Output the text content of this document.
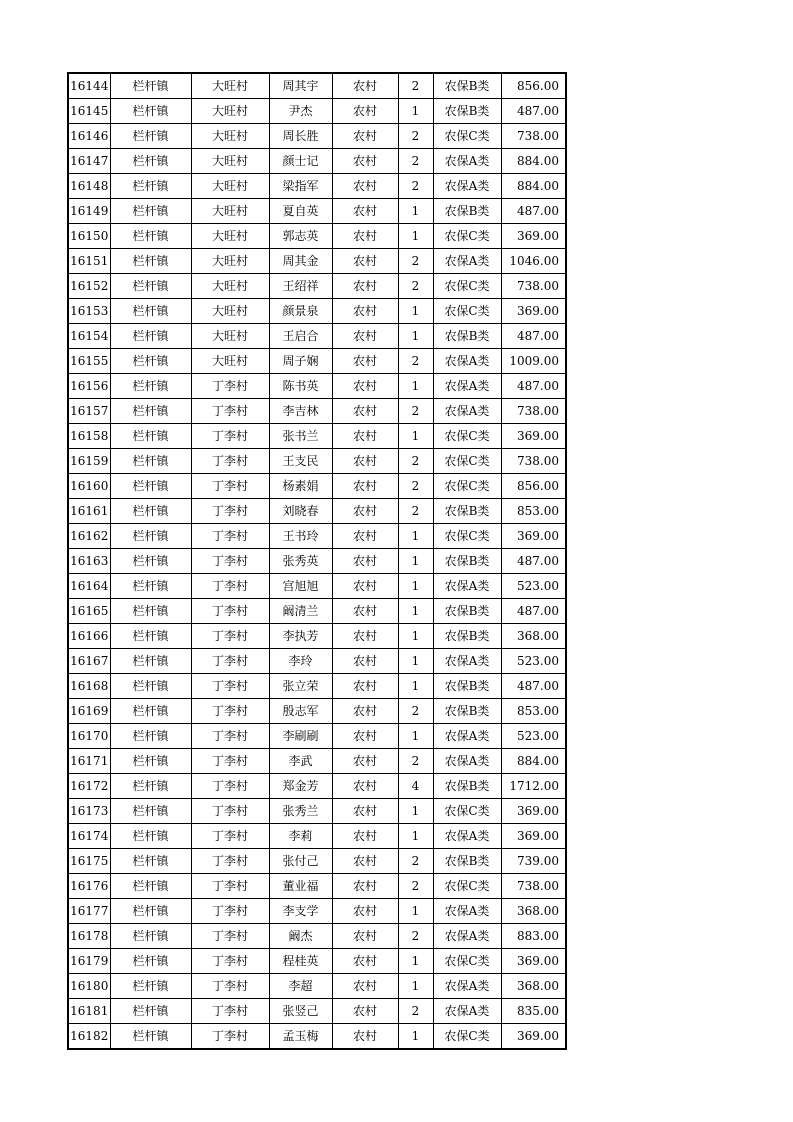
16144	栏杆镇	大旺村	周其宇	农村	2	农保B类	856.00
16145	栏杆镇	大旺村	尹杰	农村	1	农保B类	487.00
16146	栏杆镇	大旺村	周长胜	农村	2	农保C类	738.00
16147	栏杆镇	大旺村	颜士记	农村	2	农保A类	884.00
16148	栏杆镇	大旺村	梁指军	农村	2	农保A类	884.00
16149	栏杆镇	大旺村	夏自英	农村	1	农保B类	487.00
16150	栏杆镇	大旺村	郭志英	农村	1	农保C类	369.00
16151	栏杆镇	大旺村	周其金	农村	2	农保A类	1046.00
16152	栏杆镇	大旺村	王绍祥	农村	2	农保C类	738.00
16153	栏杆镇	大旺村	颜景泉	农村	1	农保C类	369.00
16154	栏杆镇	大旺村	王启合	农村	1	农保B类	487.00
16155	栏杆镇	大旺村	周子娴	农村	2	农保A类	1009.00
16156	栏杆镇	丁李村	陈书英	农村	1	农保A类	487.00
16157	栏杆镇	丁李村	李吉林	农村	2	农保A类	738.00
16158	栏杆镇	丁李村	张书兰	农村	1	农保C类	369.00
16159	栏杆镇	丁李村	王支民	农村	2	农保C类	738.00
16160	栏杆镇	丁李村	杨素娟	农村	2	农保C类	856.00
16161	栏杆镇	丁李村	刘晓春	农村	2	农保B类	853.00
16162	栏杆镇	丁李村	王书玲	农村	1	农保C类	369.00
16163	栏杆镇	丁李村	张秀英	农村	1	农保B类	487.00
16164	栏杆镇	丁李村	宫旭旭	农村	1	农保A类	523.00
16165	栏杆镇	丁李村	阚清兰	农村	1	农保B类	487.00
16166	栏杆镇	丁李村	李执芳	农村	1	农保B类	368.00
16167	栏杆镇	丁李村	李玲	农村	1	农保A类	523.00
16168	栏杆镇	丁李村	张立荣	农村	1	农保B类	487.00
16169	栏杆镇	丁李村	殷志军	农村	2	农保B类	853.00
16170	栏杆镇	丁李村	李刷刷	农村	1	农保A类	523.00
16171	栏杆镇	丁李村	李武	农村	2	农保A类	884.00
16172	栏杆镇	丁李村	郑金芳	农村	4	农保B类	1712.00
16173	栏杆镇	丁李村	张秀兰	农村	1	农保C类	369.00
16174	栏杆镇	丁李村	李莉	农村	1	农保A类	369.00
16175	栏杆镇	丁李村	张付己	农村	2	农保B类	739.00
16176	栏杆镇	丁李村	董业福	农村	2	农保C类	738.00
16177	栏杆镇	丁李村	李支学	农村	1	农保A类	368.00
16178	栏杆镇	丁李村	阚杰	农村	2	农保A类	883.00
16179	栏杆镇	丁李村	程桂英	农村	1	农保C类	369.00
16180	栏杆镇	丁李村	李超	农村	1	农保A类	368.00
16181	栏杆镇	丁李村	张竖己	农村	2	农保A类	835.00
16182	栏杆镇	丁李村	孟玉梅	农村	1	农保C类	369.00
